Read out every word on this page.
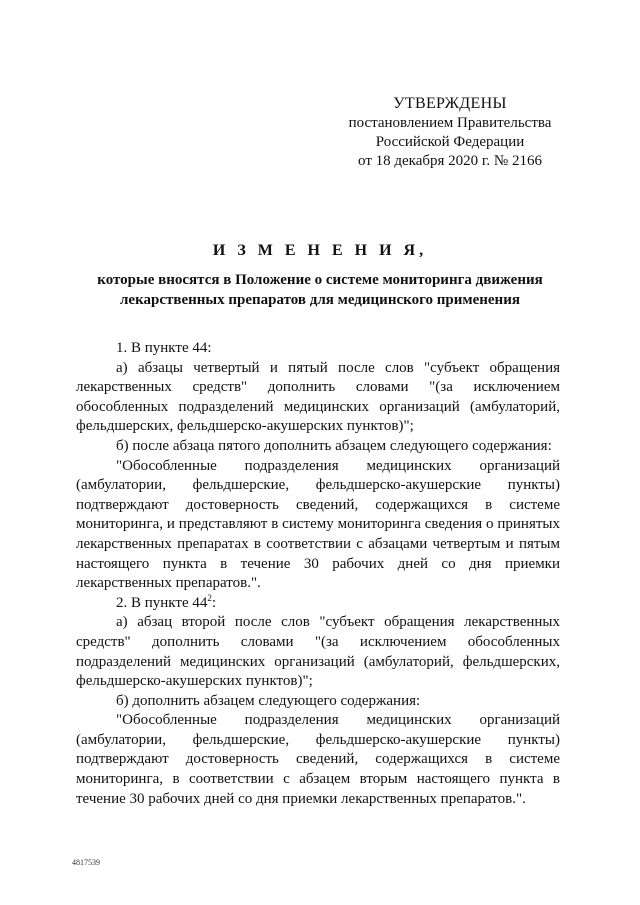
УТВЕРЖДЕНЫ
постановлением Правительства
Российской Федерации
от 18 декабря 2020 г. № 2166
И З М Е Н Е Н И Я,
которые вносятся в Положение о системе мониторинга движения лекарственных препаратов для медицинского применения

1. В пункте 44:

а) абзацы четвертый и пятый после слов "субъект обращения лекарственных средств" дополнить словами "(за исключением обособленных подразделений медицинских организаций (амбулаторий, фельдшерских, фельдшерско-акушерских пунктов)";

б) после абзаца пятого дополнить абзацем следующего содержания:

"Обособленные подразделения медицинских организаций (амбулатории, фельдшерские, фельдшерско-акушерские пункты) подтверждают достоверность сведений, содержащихся в системе мониторинга, и представляют в систему мониторинга сведения о принятых лекарственных препаратах в соответствии с абзацами четвертым и пятым настоящего пункта в течение 30 рабочих дней со дня приемки лекарственных препаратов.".

2. В пункте $44^2$:

а) абзац второй после слов "субъект обращения лекарственных средств" дополнить словами "(за исключением обособленных подразделений медицинских организаций (амбулаторий, фельдшерских, фельдшерско-акушерских пунктов)";

б) дополнить абзацем следующего содержания:

"Обособленные подразделения медицинских организаций (амбулатории, фельдшерские, фельдшерско-акушерские пункты) подтверждают достоверность сведений, содержащихся в системе мониторинга, в соответствии с абзацем вторым настоящего пункта в течение 30 рабочих дней со дня приемки лекарственных препаратов.".

4817539
